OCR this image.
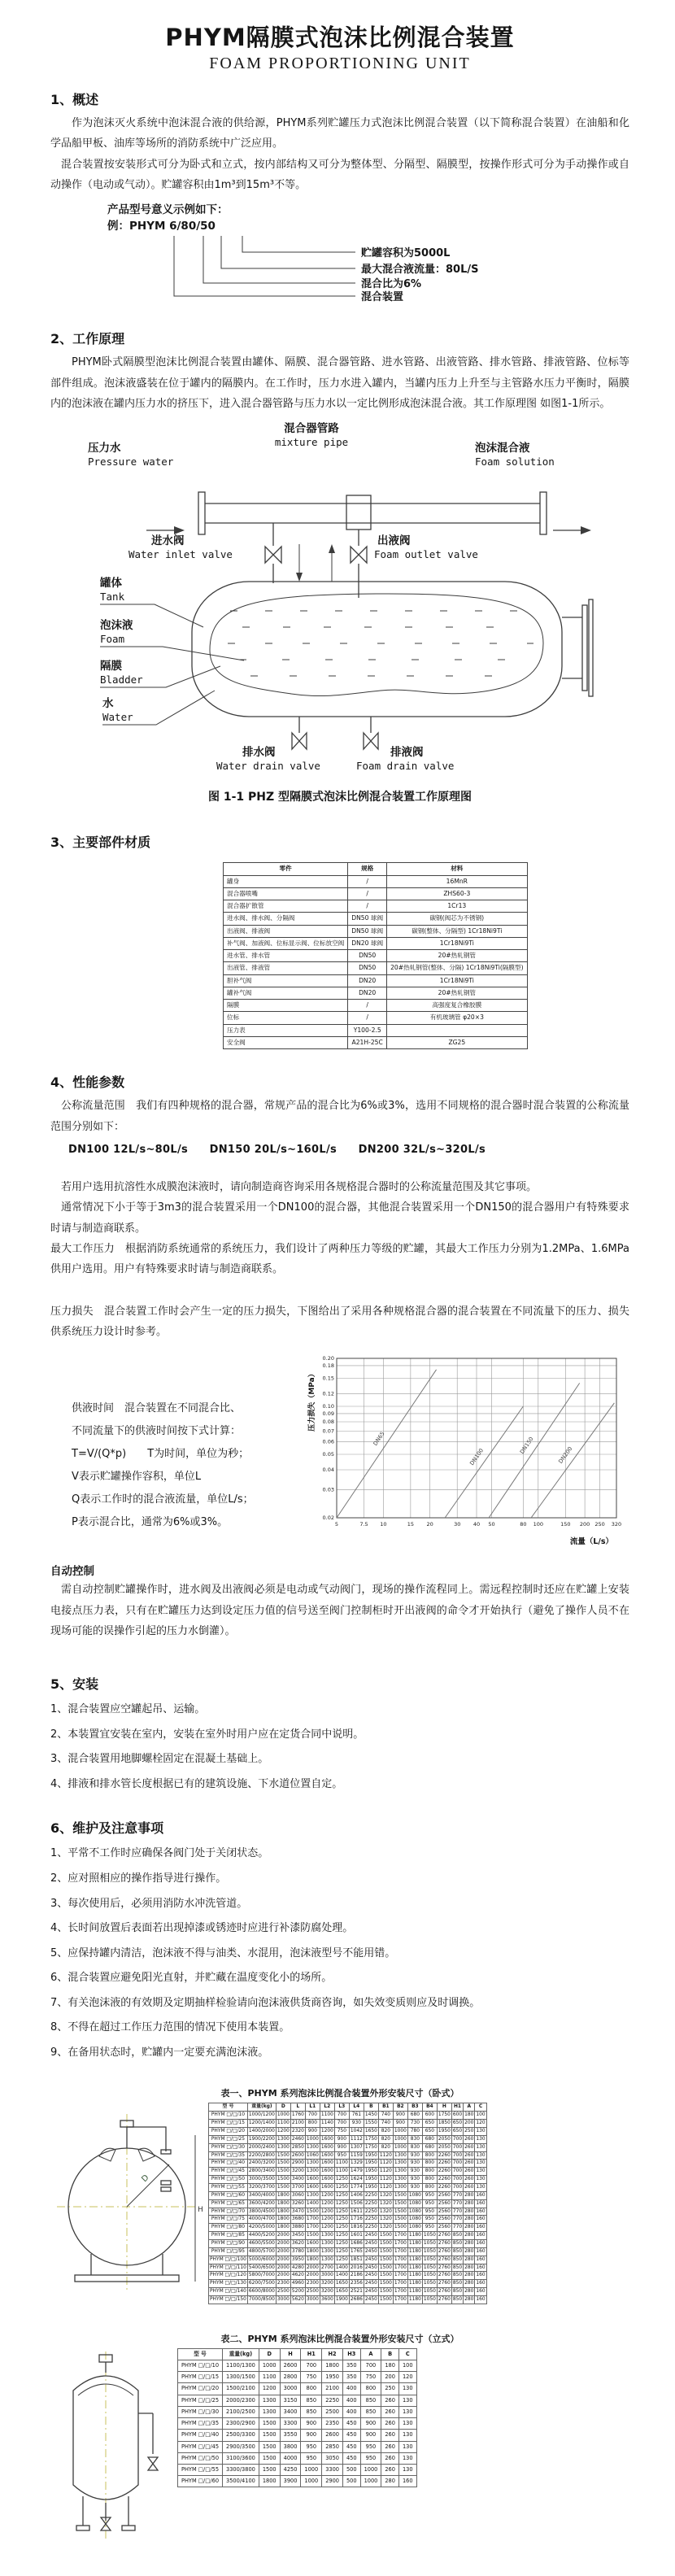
PHYM隔膜式泡沫比例混合装置
FOAM PROPORTIONING UNIT
1、概述

作为泡沫灭火系统中泡沫混合液的供给源，PHYM系列贮罐压力式泡沫比例混合装置（以下简称混合装置）在油船和化学品船甲板、油库等场所的消防系统中广泛应用。

混合装置按安装形式可分为卧式和立式，按内部结构又可分为整体型、分隔型、隔膜型，按操作形式可分为手动操作或自动操作（电动或气动）。贮罐容积由1m³到15m³不等。

产品型号意义示例如下：
例：PHYM 6/80/50
贮罐容积为5000L
最大混合液流量：80L/S
混合比为6%
混合装置
2、工作原理

PHYM卧式隔膜型泡沫比例混合装置由罐体、隔膜、混合器管路、进水管路、出液管路、排水管路、排液管路、位标等部件组成。泡沫液盛装在位于罐内的隔膜内。在工作时，压力水进入罐内，当罐内压力上升至与主管路水压力平衡时，隔膜内的泡沫液在罐内压力水的挤压下，进入混合器管路与压力水以一定比例形成泡沫混合液。其工作原理图 如图1-1所示。

压力水
Pressure water
混合器管路
mixture pipe
泡沫混合液
Foam solution
进水阀
Water inlet valve
出液阀
Foam outlet valve
罐体
Tank
泡沫液
Foam
隔膜
Bladder
水
Water
排水阀
Water drain valve
排液阀
Foam drain valve
图 1-1 PHZ 型隔膜式泡沫比例混合装置工作原理图
3、主要部件材质
零件	规格	材料
罐身	/	16MnR
混合器喷嘴	/	ZHS60-3
混合器扩散管	/	1Cr13
进水阀、排水阀、分隔阀	DN50 球阀	碳钢(阀芯为不锈钢)
出液阀、排液阀	DN50 球阀	碳钢(整体、分隔型) 1Cr18Ni9Ti
补气阀、加液阀、位标显示阀、位标放空阀	DN20 球阀	1Cr18Ni9Ti
进水管、排水管	DN50	20#热轧钢管
出液管、排液管	DN50	20#热轧钢管(整体、分隔) 1Cr18Ni9Ti(隔膜型)
胆补气阀	DN20	1Cr18Ni9Ti
罐补气阀	DN20	20#热轧钢管
隔膜	/	高强度复合橡胶膜
位标	/	有机玻璃管 φ20×3
压力表	Y100-2.5	
安全阀	A21H-25C	ZG25
4、性能参数

公称流量范围　我们有四种规格的混合器，常规产品的混合比为6%或3%，选用不同规格的混合器时混合装置的公称流量范围分别如下：

DN100 12L/s~80L/s　　DN150 20L/s~160L/s　　DN200 32L/s~320L/s

若用户选用抗溶性水成膜泡沫液时，请向制造商咨询采用各规格混合器时的公称流量范围及其它事项。

通常情况下小于等于3m3的混合装置采用一个DN100的混合器，其他混合装置采用一个DN150的混合器用户有特殊要求时请与制造商联系。

最大工作压力　根据消防系统通常的系统压力，我们设计了两种压力等级的贮罐，其最大工作压力分别为1.2MPa、1.6MPa供用户选用。用户有特殊要求时请与制造商联系。

压力损失　混合装置工作时会产生一定的压力损失，下图给出了采用各种规格混合器的混合装置在不同流量下的压力、损失供系统压力设计时参考。

供液时间　混合装置在不同混合比、
不同流量下的供液时间按下式计算：
T=V/(Q*p)　　T为时间，单位为秒；
V表示贮罐操作容积，单位L
Q表示工作时的混合液流量，单位L/s；
P表示混合比，通常为6%或3%。	5	7.5 10	15 20	30 40 50	80 100	150 200 250 320
0.02
0.03
0.04
0.05
0.06
0.07
0.08
0.09
0.10
0.12
0.15
0.18
0.20
DN65
DN100
DN150
DN200
压力损失（MPa）
流量（L/s）
自动控制

需自动控制贮罐操作时，进水阀及出液阀必须是电动或气动阀门，现场的操作流程同上。需远程控制时还应在贮罐上安装电接点压力表，只有在贮罐压力达到设定压力值的信号送至阀门控制柜时开出液阀的命令才开始执行（避免了操作人员不在现场可能的误操作引起的压力水倒灌）。

5、安装
1、混合装置应空罐起吊、运输。
2、本装置宜安装在室内，安装在室外时用户应在定货合同中说明。
3、混合装置用地脚螺栓固定在混凝土基础上。
4、排液和排水管长度根据已有的建筑设施、下水道位置自定。
6、维护及注意事项
1、平常不工作时应确保各阀门处于关闭状态。
2、应对照相应的操作指导进行操作。
3、每次使用后，必须用消防水冲洗管道。
4、长时间放置后表面若出现掉漆或锈迹时应进行补漆防腐处理。
5、应保持罐内清洁，泡沫液不得与油类、水混用，泡沫液型号不能用错。
6、混合装置应避免阳光直射，并贮藏在温度变化小的场所。
7、有关泡沫液的有效期及定期抽样检验请向泡沫液供货商咨询，如失效变质则应及时调换。
8、不得在超过工作压力范围的情况下使用本装置。
9、在备用状态时，贮罐内一定要充满泡沫液。
表一、PHYM 系列泡沫比例混合装置外形安装尺寸（卧式）
D
H
型 号	重量(kg)	D	L	L1	L2	L3	L4	B	B1	B2	B3	B4	H	H1	A	C
PHYM □/□/10	1000/1200	1000	1760	700	1100	700	761	1450	740	900	680	600	1750	600	180	100
PHYM □/□/15	1200/1400	1100	2100	800	1140	700	930	1550	740	900	730	650	1850	650	200	120
PHYM □/□/20	1400/2000	1200	2320	900	1200	750	1042	1650	820	1000	780	650	1950	650	250	130
PHYM □/□/25	1900/2200	1300	2460	1000	1600	900	1112	1750	820	1000	830	680	2050	700	260	130
PHYM □/□/30	2000/2400	1300	2850	1300	1600	900	1307	1750	820	1000	830	680	2050	700	260	130
PHYM □/□/35	2200/2800	1500	2600	1060	1600	950	1159	1950	1120	1300	930	800	2260	700	260	130
PHYM □/□/40	2400/3200	1500	2900	1300	1600	1100	1329	1950	1120	1300	930	800	2260	700	260	130
PHYM □/□/45	2800/3400	1500	3200	1300	1600	1100	1479	1950	1120	1300	930	800	2260	700	260	130
PHYM □/□/50	3000/3500	1500	3400	1600	1600	1250	1624	1950	1120	1300	930	800	2260	700	260	130
PHYM □/□/55	3200/3700	1500	3700	1600	1600	1250	1774	1950	1120	1300	930	800	2260	700	260	130
PHYM □/□/60	3400/4000	1800	3060	1300	1200	1250	1406	2250	1320	1500	1080	950	2560	770	280	160
PHYM □/□/65	3600/4200	1800	3260	1400	1200	1250	1506	2250	1320	1500	1080	950	2560	770	280	160
PHYM □/□/70	3800/4500	1800	3470	1500	1200	1250	1611	2250	1320	1500	1080	950	2560	770	280	160
PHYM □/□/75	4000/4700	1800	3680	1700	1200	1250	1716	2250	1320	1500	1080	950	2560	770	280	160
PHYM □/□/80	4200/5000	1800	3880	1700	1200	1250	1816	2250	1320	1500	1080	950	2560	770	280	160
PHYM □/□/85	4400/5200	2000	3450	1500	1300	1250	1601	2450	1500	1700	1180	1050	2760	850	280	160
PHYM □/□/90	4600/5500	2000	3620	1600	1300	1250	1686	2450	1500	1700	1180	1050	2760	850	280	160
PHYM □/□/95	4800/5700	2000	3780	1800	1300	1250	1765	2450	1500	1700	1180	1050	2760	850	280	160
PHYM □/□/100	5000/6000	2000	3950	1800	1300	1250	1851	2450	1500	1700	1180	1050	2760	850	280	160
PHYM □/□/110	5400/6500	2000	4280	2000	2700	1400	2016	2450	1500	1700	1180	1050	2760	850	280	160
PHYM □/□/120	5800/7000	2000	4620	2000	3000	1400	2186	2450	1500	1700	1180	1050	2760	850	280	160
PHYM □/□/130	6200/7500	2300	4960	2300	3200	1650	2356	2450	1500	1700	1180	1050	2760	850	280	160
PHYM □/□/140	6600/8000	2500	5200	2500	3200	1650	2521	2450	1500	1700	1180	1050	2760	850	280	160
PHYM □/□/150	7000/8500	3000	5620	3000	3600	1900	2686	2450	1500	1700	1180	1050	2760	850	280	160
表二、PHYM 系列泡沫比例混合装置外形安装尺寸（立式）
型 号	重量(kg)	D	H	H1	H2	H3	A	B	C
PHYM □/□/10	1100/1300	1000	2600	700	1800	350	700	180	100
PHYM □/□/15	1300/1500	1100	2800	750	1950	350	750	200	120
PHYM □/□/20	1500/2100	1200	3000	800	2100	400	800	250	130
PHYM □/□/25	2000/2300	1300	3150	850	2250	400	850	260	130
PHYM □/□/30	2100/2500	1300	3400	850	2500	400	850	260	130
PHYM □/□/35	2300/2900	1500	3300	900	2350	450	900	260	130
PHYM □/□/40	2500/3300	1500	3550	900	2600	450	900	260	130
PHYM □/□/45	2900/3500	1500	3800	950	2850	450	950	260	130
PHYM □/□/50	3100/3600	1500	4000	950	3050	450	950	260	130
PHYM □/□/55	3300/3800	1500	4250	1000	3300	500	1000	260	130
PHYM □/□/60	3500/4100	1800	3900	1000	2900	500	1000	280	160
